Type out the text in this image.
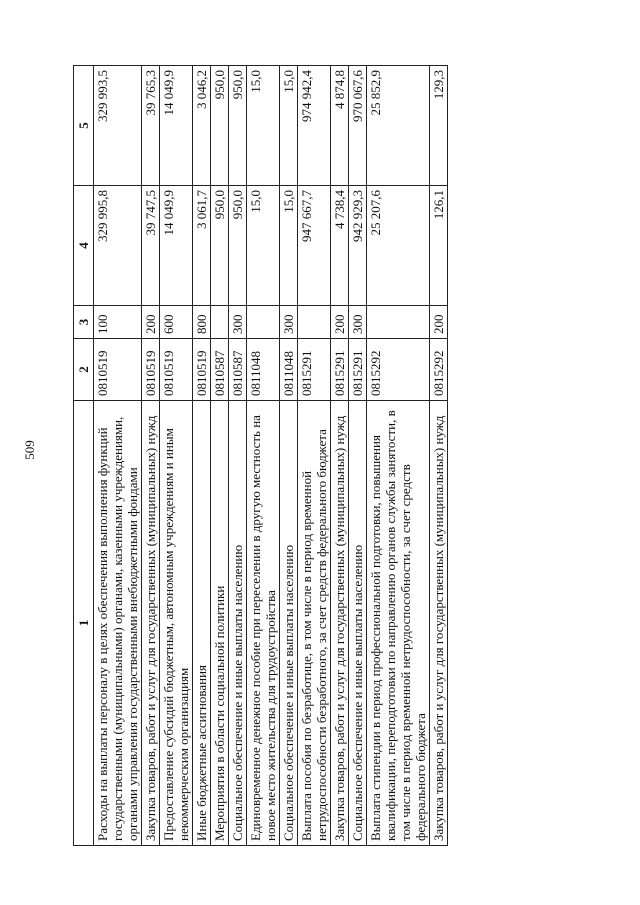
509
1	2	3	4	5
Расходы на выплаты персоналу в целях обеспечения выполнения функций государственными (муниципальными) органами, казенными учреждениями, органами управления государственными внебюджетными фондами	0810519	100	329 995,8	329 993,5
Закупка товаров, работ и услуг для государственных (муниципальных) нужд	0810519	200	39 747,5	39 765,3
Предоставление субсидий бюджетным, автономным учреждениям и иным некоммерческим организациям	0810519	600	14 049,9	14 049,9
Иные бюджетные ассигнования	0810519	800	3 061,7	3 046,2
Мероприятия в области социальной политики	0810587		950,0	950,0
Социальное обеспечение и иные выплаты населению	0810587	300	950,0	950,0
Единовременное денежное пособие при переселении в другую местность на новое место жительства для трудоустройства	0811048		15,0	15,0
Социальное обеспечение и иные выплаты населению	0811048	300	15,0	15,0
Выплата пособия по безработице, в том числе в период временной нетрудоспособности безработного, за счет средств федерального бюджета	0815291		947 667,7	974 942,4
Закупка товаров, работ и услуг для государственных (муниципальных) нужд	0815291	200	4 738,4	4 874,8
Социальное обеспечение и иные выплаты населению	0815291	300	942 929,3	970 067,6
Выплата стипендии в период профессиональной подготовки, повышения квалификации, переподготовки по направлению органов службы занятости, в том числе в период временной нетрудоспособности, за счет средств федерального бюджета	0815292		25 207,6	25 852,9
Закупка товаров, работ и услуг для государственных (муниципальных) нужд	0815292	200	126,1	129,3
